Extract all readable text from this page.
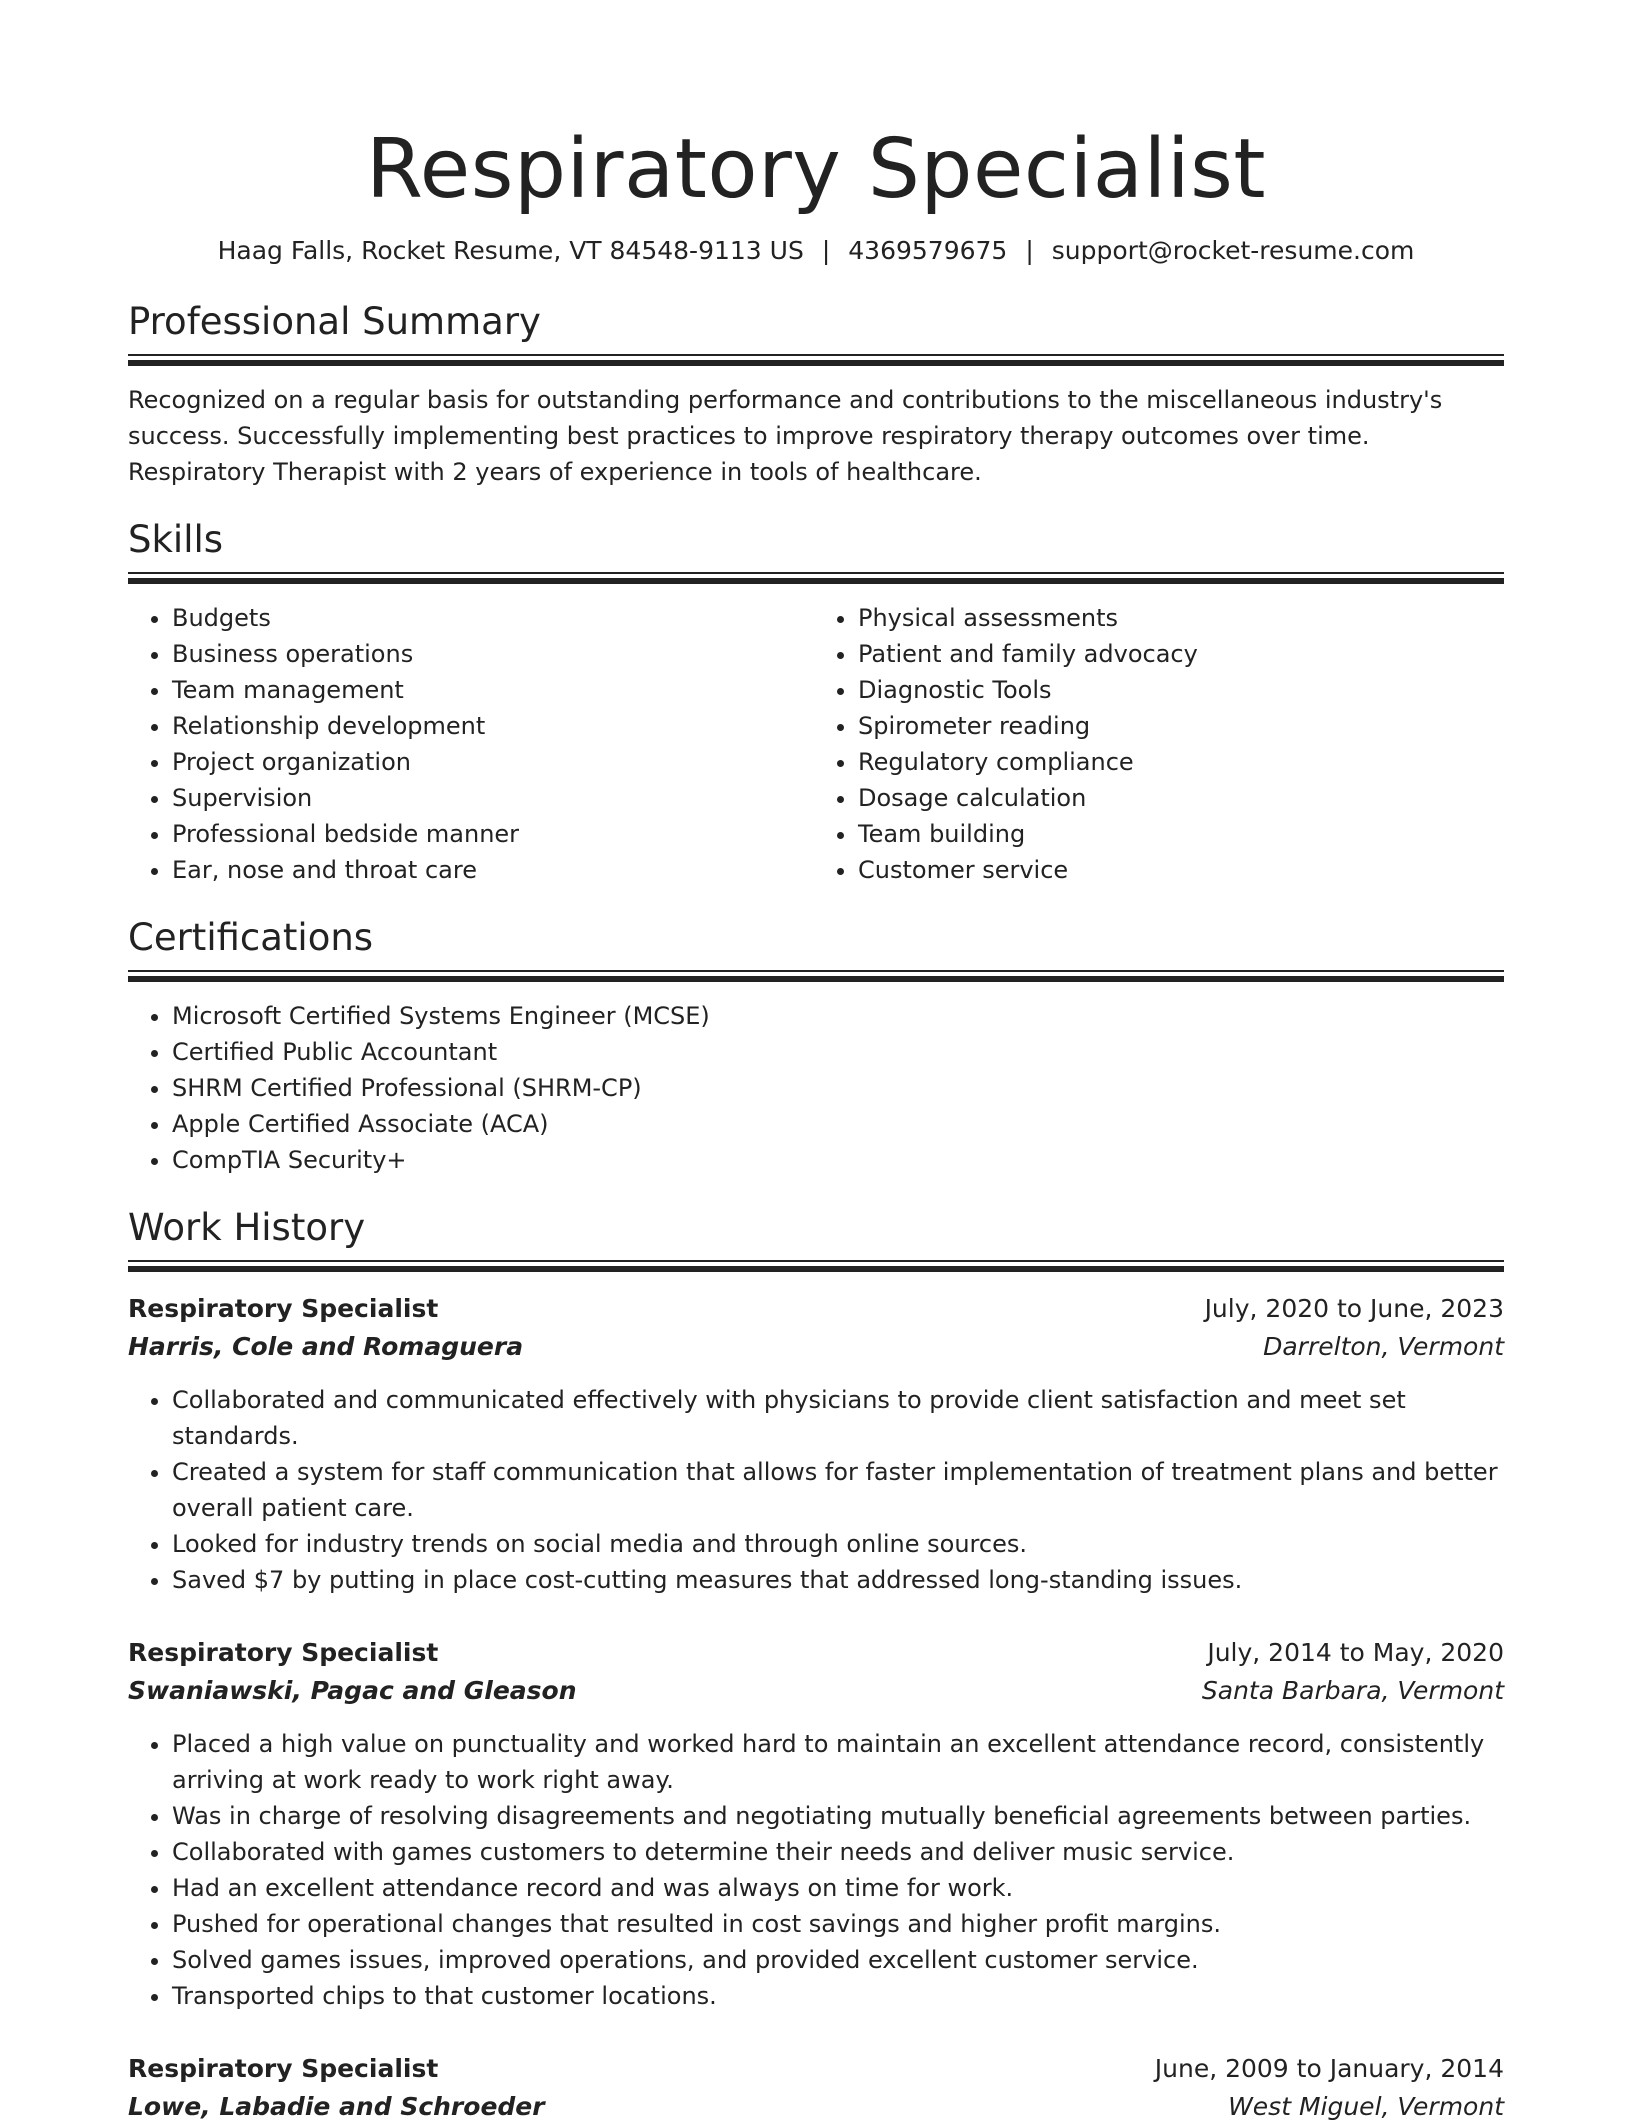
Respiratory Specialist
Haag Falls, Rocket Resume, VT 84548-9113 US | 4369579675 | support@rocket-resume.com
Professional Summary

Recognized on a regular basis for outstanding performance and contributions to the miscellaneous industry's success. Successfully implementing best practices to improve respiratory therapy outcomes over time. Respiratory Therapist with 2 years of experience in tools of healthcare.

Skills
• Budgets
• Business operations
• Team management
• Relationship development
• Project organization
• Supervision
• Professional bedside manner
• Ear, nose and throat care
• Physical assessments
• Patient and family advocacy
• Diagnostic Tools
• Spirometer reading
• Regulatory compliance
• Dosage calculation
• Team building
• Customer service
Certifications
• Microsoft Certified Systems Engineer (MCSE)
• Certified Public Accountant
• SHRM Certified Professional (SHRM-CP)
• Apple Certified Associate (ACA)
• CompTIA Security+
Work History
Respiratory Specialist	July, 2020 to June, 2023
Harris, Cole and Romaguera	Darrelton, Vermont
• Collaborated and communicated effectively with physicians to provide client satisfaction and meet set standards.
• Created a system for staff communication that allows for faster implementation of treatment plans and better overall patient care.
• Looked for industry trends on social media and through online sources.
• Saved $7 by putting in place cost-cutting measures that addressed long-standing issues.
Respiratory Specialist	July, 2014 to May, 2020
Swaniawski, Pagac and Gleason	Santa Barbara, Vermont
• Placed a high value on punctuality and worked hard to maintain an excellent attendance record, consistently arriving at work ready to work right away.
• Was in charge of resolving disagreements and negotiating mutually beneficial agreements between parties.
• Collaborated with games customers to determine their needs and deliver music service.
• Had an excellent attendance record and was always on time for work.
• Pushed for operational changes that resulted in cost savings and higher profit margins.
• Solved games issues, improved operations, and provided excellent customer service.
• Transported chips to that customer locations.
Respiratory Specialist	June, 2009 to January, 2014
Lowe, Labadie and Schroeder	West Miguel, Vermont
